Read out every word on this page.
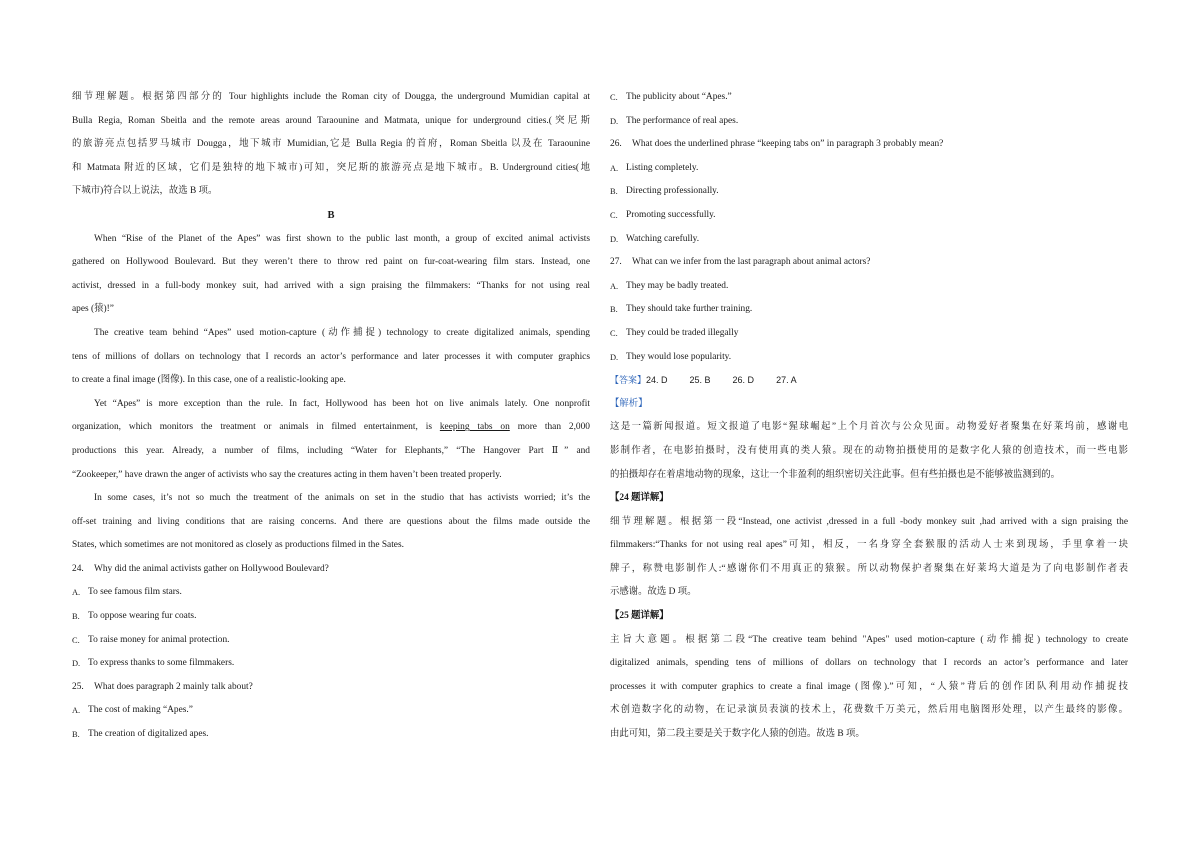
细节理解题。根据第四部分的 Tour highlights include the Roman city of Dougga, the underground Mumidian capital at
Bulla Regia, Roman Sbeitla and the remote areas around Taraounine and Matmata, unique for underground cities.(突尼斯
的旅游亮点包括罗马城市 Dougga，地下城市 Mumidian,它是 Bulla Regia 的首府，Roman Sbeitla 以及在 Taraounine
和 Matmata 附近的区域，它们是独特的地下城市)可知，突尼斯的旅游亮点是地下城市。B. Underground cities(地
下城市)符合以上说法，故选 B 项。
B
When “Rise of the Planet of the Apes” was first shown to the public last month, a group of excited animal activists
gathered on Hollywood Boulevard. But they weren’t there to throw red paint on fur-coat-wearing film stars. Instead, one
activist, dressed in a full-body monkey suit, had arrived with a sign praising the filmmakers: “Thanks for not using real
apes (猿)!”
The creative team behind “Apes” used motion-capture (动作捕捉) technology to create digitalized animals, spending
tens of millions of dollars on technology that I records an actor’s performance and later processes it with computer graphics
to create a final image (图像). In this case, one of a realistic-looking ape.
Yet “Apes” is more exception than the rule. In fact, Hollywood has been hot on live animals lately. One nonprofit
organization, which monitors the treatment or animals in filmed entertainment, is keeping tabs on more than 2,000
productions this year. Already, a number of films, including “Water for Elephants,” “The Hangover Part Ⅱ” and
“Zookeeper,” have drawn the anger of activists who say the creatures acting in them haven’t been treated properly.
In some cases, it’s not so much the treatment of the animals on set in the studio that has activists worried; it’s the
off-set training and living conditions that are raising concerns. And there are questions about the films made outside the
States, which sometimes are not monitored as closely as productions filmed in the Sates.
24.	Why did the animal activists gather on Hollywood Boulevard?
A. To see famous film stars.
B. To oppose wearing fur coats.
C. To raise money for animal protection.
D. To express thanks to some filmmakers.
25.	What does paragraph 2 mainly talk about?
A. The cost of making “Apes.”
B. The creation of digitalized apes.
C. The publicity about “Apes.”
D. The performance of real apes.
26.	What does the underlined phrase “keeping tabs on” in paragraph 3 probably mean?
A. Listing completely.
B. Directing professionally.
C. Promoting successfully.
D. Watching carefully.
27.	What can we infer from the last paragraph about animal actors?
A. They may be badly treated.
B. They should take further training.
C. They could be traded illegally
D. They would lose popularity.
【答案】24. D 25. B 26. D 27. A
【解析】
这是一篇新闻报道。短文报道了电影“猩球崛起”上个月首次与公众见面。动物爱好者聚集在好莱坞前，感谢电
影制作者，在电影拍摄时，没有使用真的类人猿。现在的动物拍摄使用的是数字化人猿的创造技术，而一些电影
的拍摄却存在着虐地动物的现象，这让一个非盈利的组织密切关注此事。但有些拍摄也是不能够被监测到的。
【24 题详解】
细节理解题。根据第一段“Instead, one activist ,dressed in a full -body monkey suit ,had arrived with a sign praising the
filmmakers:“Thanks for not using real apes”可知，相反，一名身穿全套猴服的活动人士来到现场，手里拿着一块
牌子，称赞电影制作人:“感谢你们不用真正的猿猴。所以动物保护者聚集在好莱坞大道是为了向电影制作者表
示感谢。故选 D 项。
【25 题详解】
主旨大意题。根据第二段“The creative team behind "Apes" used motion-capture (动作捕捉) technology to create
digitalized animals, spending tens of millions of dollars on technology that I records an actor’s performance and later
processes it with computer graphics to create a final image (图像).”可知，“人猿”背后的创作团队利用动作捕捉技
术创造数字化的动物，在记录演员表演的技术上，花费数千万美元，然后用电脑图形处理，以产生最终的影像。
由此可知，第二段主要是关于数字化人猿的创造。故选 B 项。
